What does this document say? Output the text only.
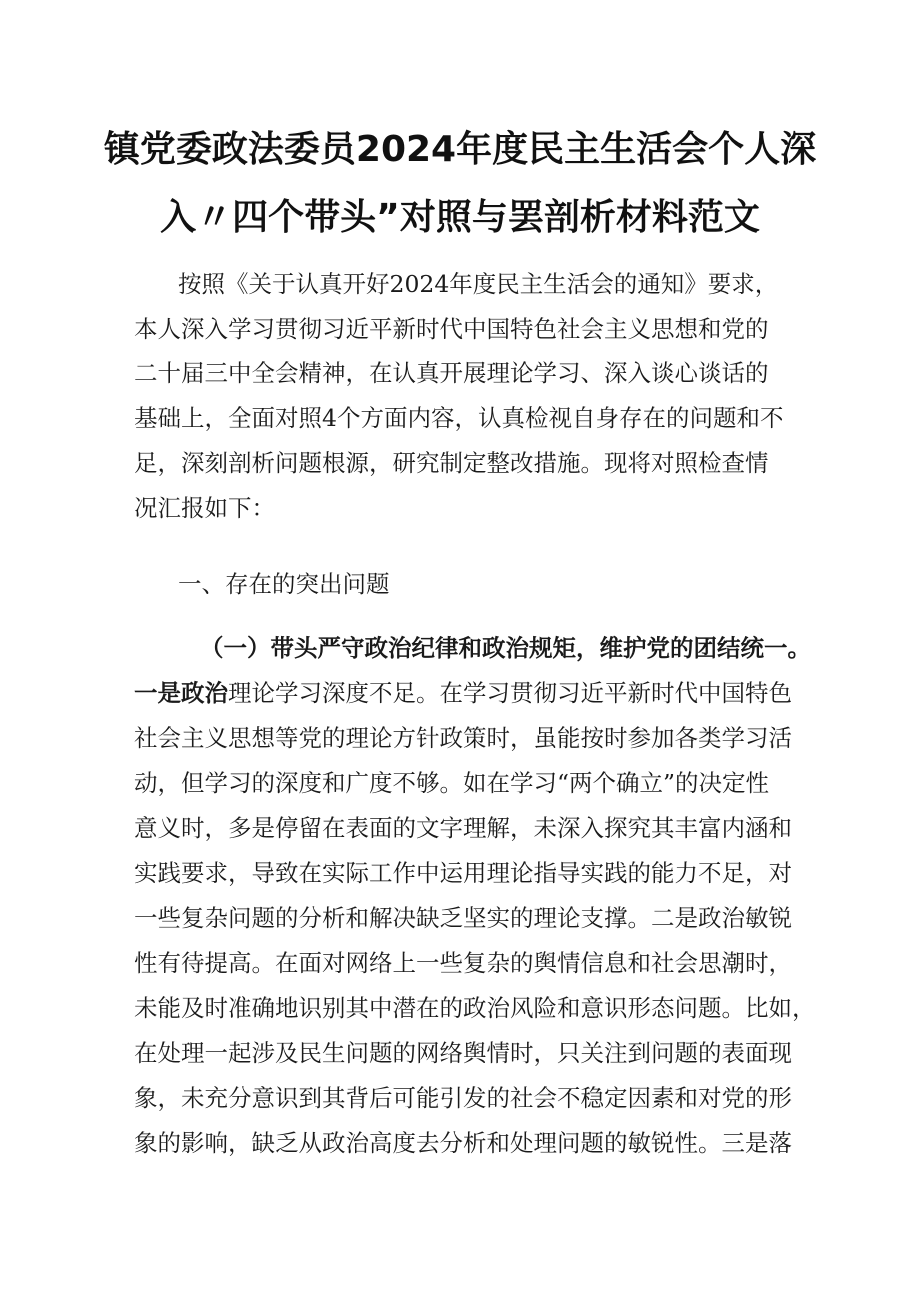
镇党委政法委员2024年度民主生活会个人深
入〃四个带头”对照与罢剖析材料范文
按照《关于认真开好2024年度民主生活会的通知》要求，
本人深入学习贯彻习近平新时代中国特色社会主义思想和党的
二十届三中全会精神，在认真开展理论学习、深入谈心谈话的
基础上，全面对照4个方面内容，认真检视自身存在的问题和不
足，深刻剖析问题根源，研究制定整改措施。现将对照检查情
况汇报如下：
一、存在的突出问题
（一）带头严守政治纪律和政治规矩，维护党的团结统一。
一是政治理论学习深度不足。在学习贯彻习近平新时代中国特色
社会主义思想等党的理论方针政策时，虽能按时参加各类学习活
动，但学习的深度和广度不够。如在学习“两个确立”的决定性
意义时，多是停留在表面的文字理解，未深入探究其丰富内涵和
实践要求，导致在实际工作中运用理论指导实践的能力不足，对
一些复杂问题的分析和解决缺乏坚实的理论支撑。二是政治敏锐
性有待提高。在面对网络上一些复杂的舆情信息和社会思潮时，
未能及时准确地识别其中潜在的政治风险和意识形态问题。比如，
在处理一起涉及民生问题的网络舆情时，只关注到问题的表面现
象，未充分意识到其背后可能引发的社会不稳定因素和对党的形
象的影响，缺乏从政治高度去分析和处理问题的敏锐性。三是落
